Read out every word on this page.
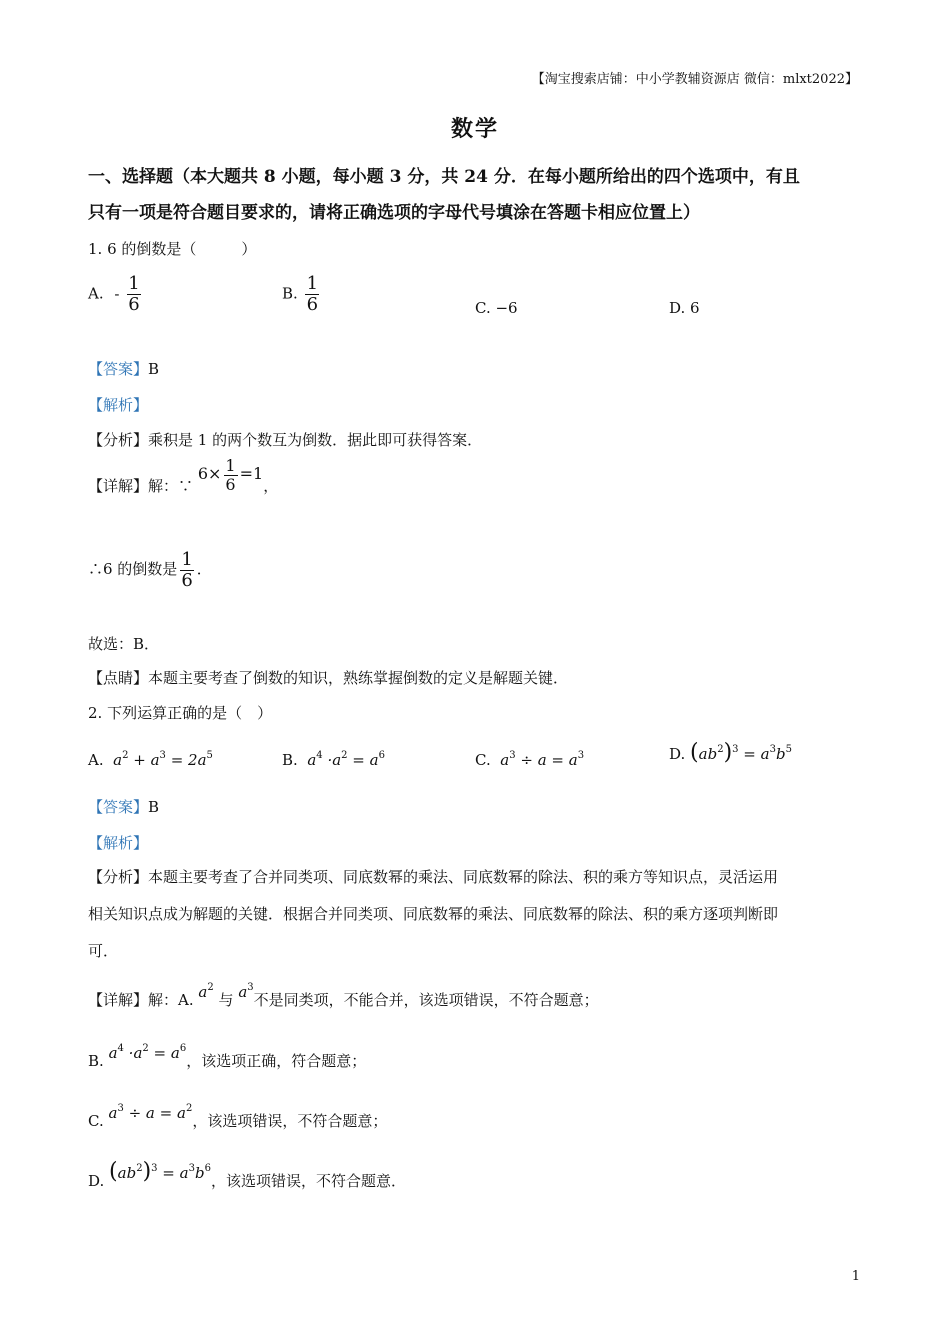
【淘宝搜索店铺：中小学教辅资源店 微信：mlxt2022】
数学
一、选择题（本大题共 8 小题，每小题 3 分，共 24 分．在每小题所给出的四个选项中，有且
只有一项是符合题目要求的，请将正确选项的字母代号填涂在答题卡相应位置上）
1. 6 的倒数是（　　　）
A. - $\frac{1}{6}$	B. $\frac{1}{6}$	C. −6	D. 6
【答案】B
【解析】
【分析】乘积是 1 的两个数互为倒数．据此即可获得答案．
【详解】解：∵ $6\times \frac{1}{6} =1$，
∴6 的倒数是 $\frac{1}{6}$ ．
故选：B．
【点睛】本题主要考查了倒数的知识，熟练掌握倒数的定义是解题关键．
2. 下列运算正确的是（　）
A.  $a^2 + a^3 = 2a^5$	B.  $a^4 \cdot a^2 = a^6$	C.  $a^3 \div a = a^3$	D. $(ab^2)^3 = a^3b^5$
【答案】B
【解析】
【分析】本题主要考查了合并同类项、同底数幂的乘法、同底数幂的除法、积的乘方等知识点，灵活运用
相关知识点成为解题的关键．根据合并同类项、同底数幂的乘法、同底数幂的除法、积的乘方逐项判断即
可．
【详解】解：A. $a^2$ 与 $a^3$不是同类项，不能合并，该选项错误，不符合题意；
B. $a^4 \cdot a^2 = a^6$，该选项正确，符合题意；
C. $a^3 \div a = a^2$，该选项错误，不符合题意；
D. $(ab^2)^3 = a^3b^6$，该选项错误，不符合题意．
1
